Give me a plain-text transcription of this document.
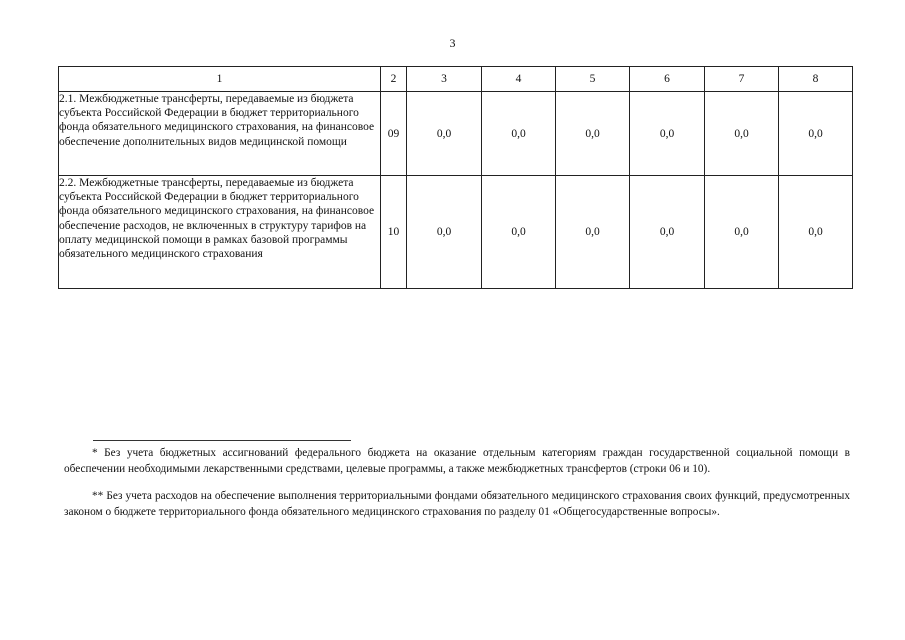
3
1	2	3	4	5	6	7	8
2.1. Межбюджетные трансферты, передаваемые из бюджета субъекта Российской Федерации в бюджет территориального фонда обязательного медицинского страхования, на финансовое обеспечение дополнительных видов медицинской помощи	09	0,0	0,0	0,0	0,0	0,0	0,0
2.2. Межбюджетные трансферты, передаваемые из бюджета субъекта Российской Федерации в бюджет территориального фонда обязательного медицинского страхования, на финансовое обеспечение расходов, не включенных в структуру тарифов на оплату медицинской помощи в рамках базовой программы обязательного медицинского страхования	10	0,0	0,0	0,0	0,0	0,0	0,0

* Без учета бюджетных ассигнований федерального бюджета на оказание отдельным категориям граждан государственной социальной помощи в обеспечении необходимыми лекарственными средствами, целевые программы, а также межбюджетных трансфертов (строки 06 и 10).

** Без учета расходов на обеспечение выполнения территориальными фондами обязательного медицинского страхования своих функций, предусмотренных законом о бюджете территориального фонда обязательного медицинского страхования по разделу 01 «Общегосударственные вопросы».
